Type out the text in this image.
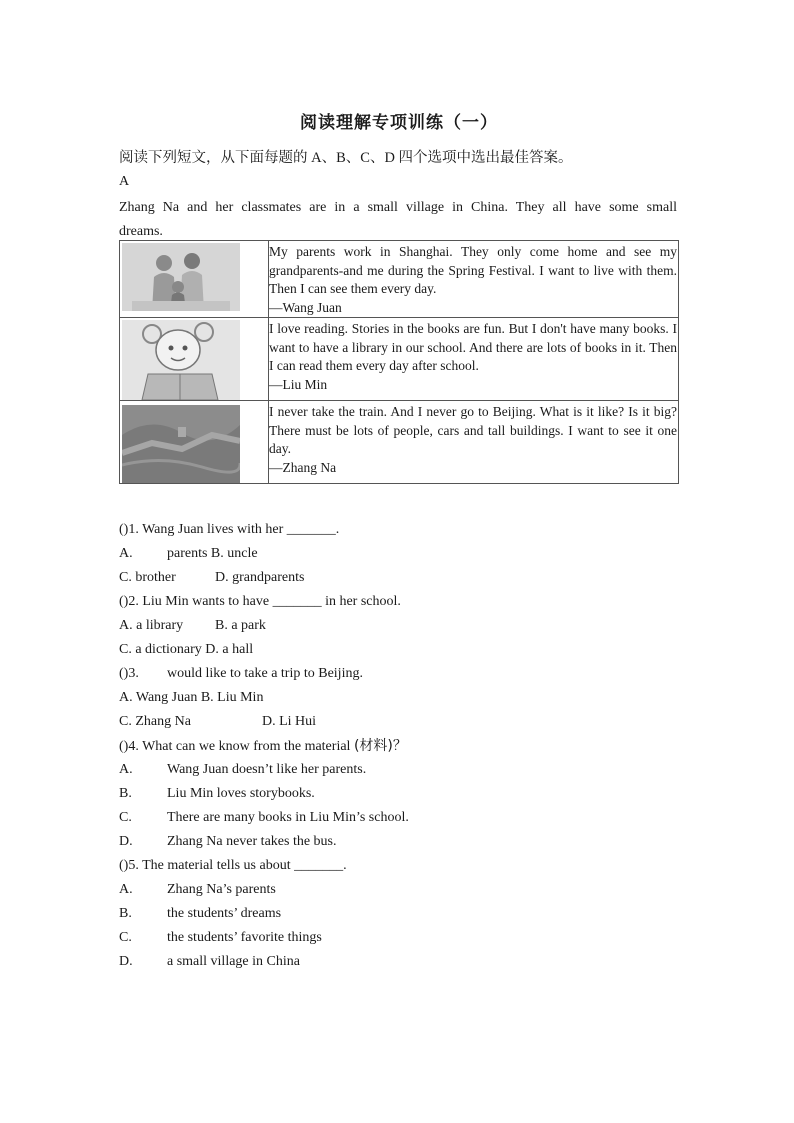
阅读理解专项训练（一）
阅读下列短文，从下面每题的 A、B、C、D 四个选项中选出最佳答案。
A
Zhang Na and her classmates are in a small village in China. They all have some small dreams.
	My parents work in Shanghai. They only come home and see my grandparents-and me during the Spring Festival. I want to live with them. Then I can see them every day.
—Wang Juan

	I love reading. Stories in the books are fun. But I don't have many books. I want to have a library in our school. And there are lots of books in it. Then I can read them every day after school.
—Liu Min

	I never take the train. And I never go to Beijing. What is it like? Is it big? There must be lots of people, cars and tall buildings. I want to see it one day.
—Zhang Na
()1. Wang Juan lives with her _______.
A. parents B. uncle
C. brother	D. grandparents
()2. Liu Min wants to have _______ in her school.
A. a library B. a park
C. a dictionary D. a hall
()3. would like to take a trip to Beijing.
A. Wang Juan B. Liu Min
C. Zhang Na	D. Li Hui
()4. What can we know from the material (材料)？
A. Wang Juan doesn’t like her parents.
B.	Liu Min loves storybooks.
C.	There are many books in Liu Min’s school.
D. Zhang Na never takes the bus.
()5. The material tells us about _______.
A. Zhang Na’s parents
B.	the students’ dreams
C.	the students’ favorite things
D. a small village in China
